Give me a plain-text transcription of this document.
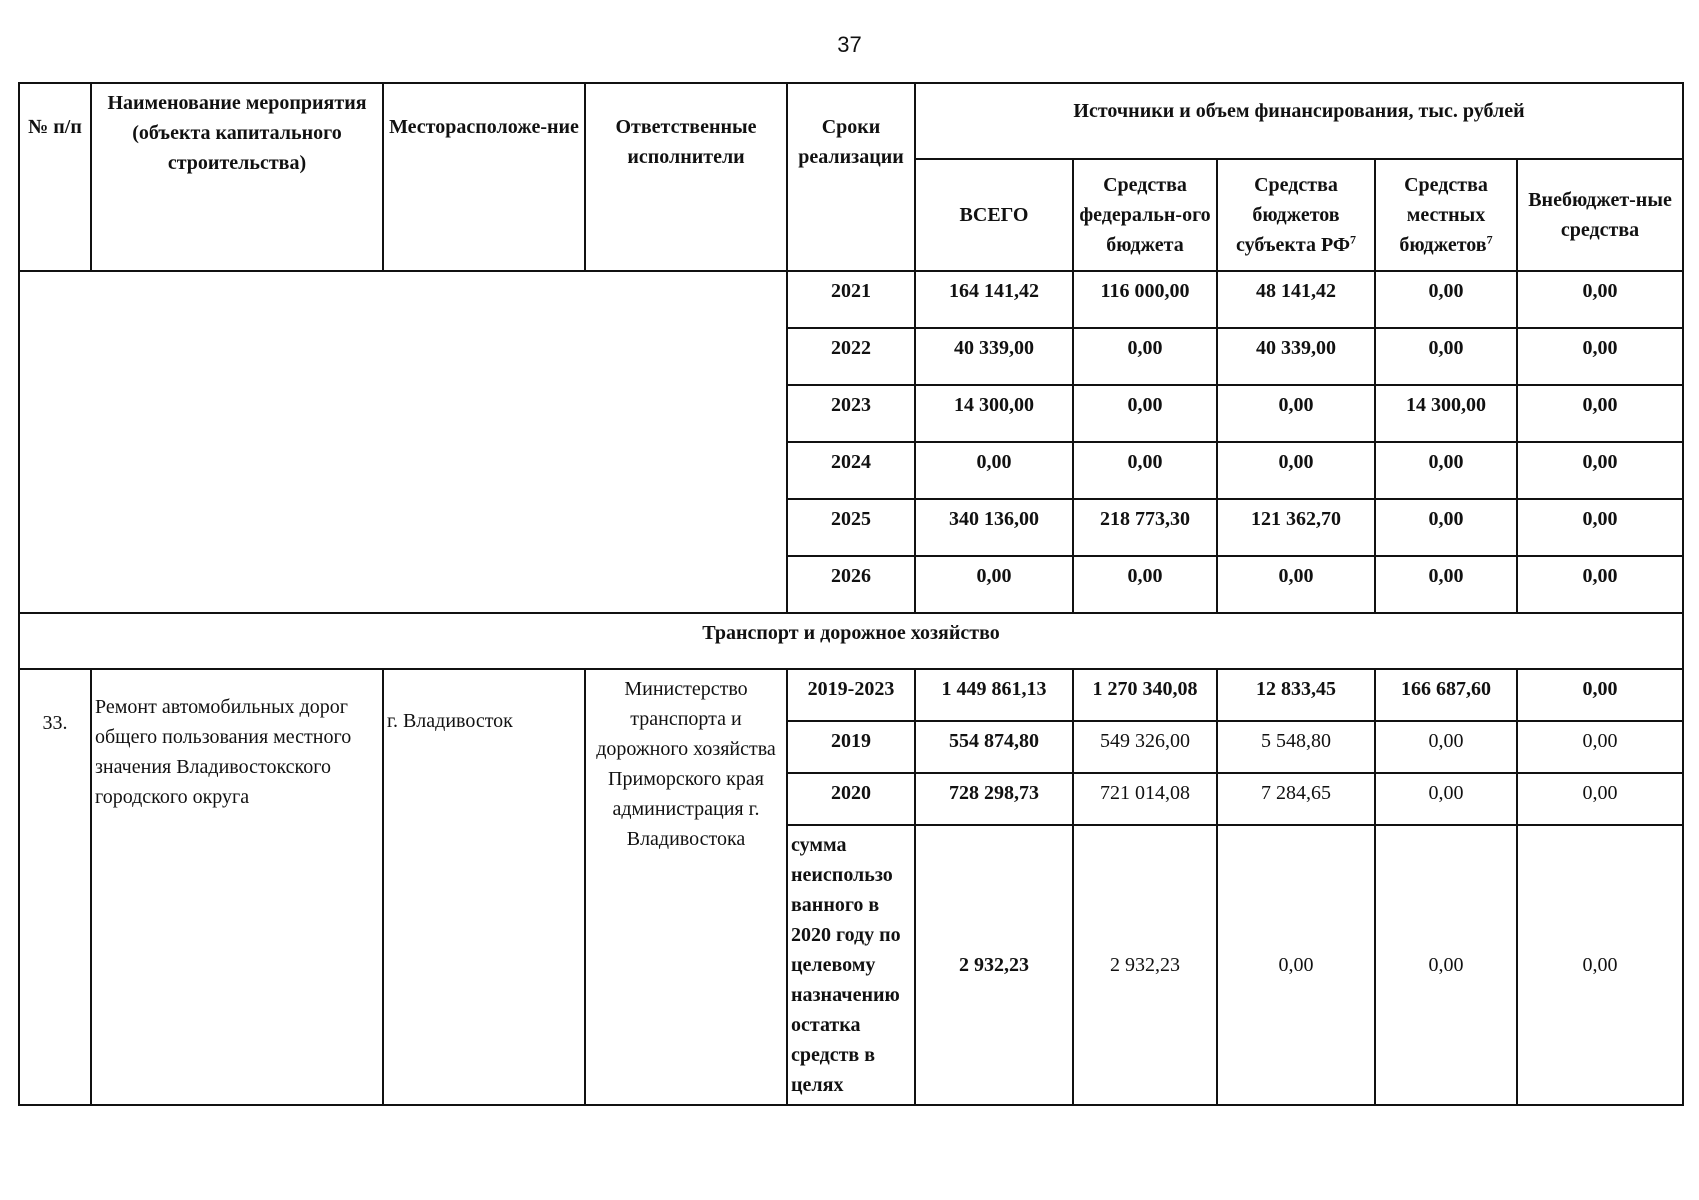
37
№ п/п	Наименование мероприятия (объекта капитального строительства)	Месторасположе-ние	Ответственные исполнители	Сроки реализации	Источники и объем финансирования, тыс. рублей				
					ВСЕГО	Средства федеральн-ого бюджета	Средства бюджетов субъекта $РФ^7$	Средства местных бюджетов$^7$	Внебюджет-ные средства
				2021	164 141,42	116 000,00	48 141,42	0,00	0,00
				2022	40 339,00	0,00	40 339,00	0,00	0,00
				2023	14 300,00	0,00	0,00	14 300,00	0,00
				2024	0,00	0,00	0,00	0,00	0,00
				2025	340 136,00	218 773,30	121 362,70	0,00	0,00
				2026	0,00	0,00	0,00	0,00	0,00
Транспорт и дорожное хозяйство									
33.	Ремонт автомобильных дорог общего пользования местного значения Владивостокского городского округа	г. Владивосток	Министерство транспорта и дорожного хозяйства Приморского края администрация г. Владивостока	2019-2023	1 449 861,13	1 270 340,08	12 833,45	166 687,60	0,00
				2019	554 874,80	549 326,00	5 548,80	0,00	0,00
				2020	728 298,73	721 014,08	7 284,65	0,00	0,00
				сумма неиспользо ванного в 2020 году по целевому назначению остатка средств в целях	2 932,23	2 932,23	0,00	0,00	0,00
